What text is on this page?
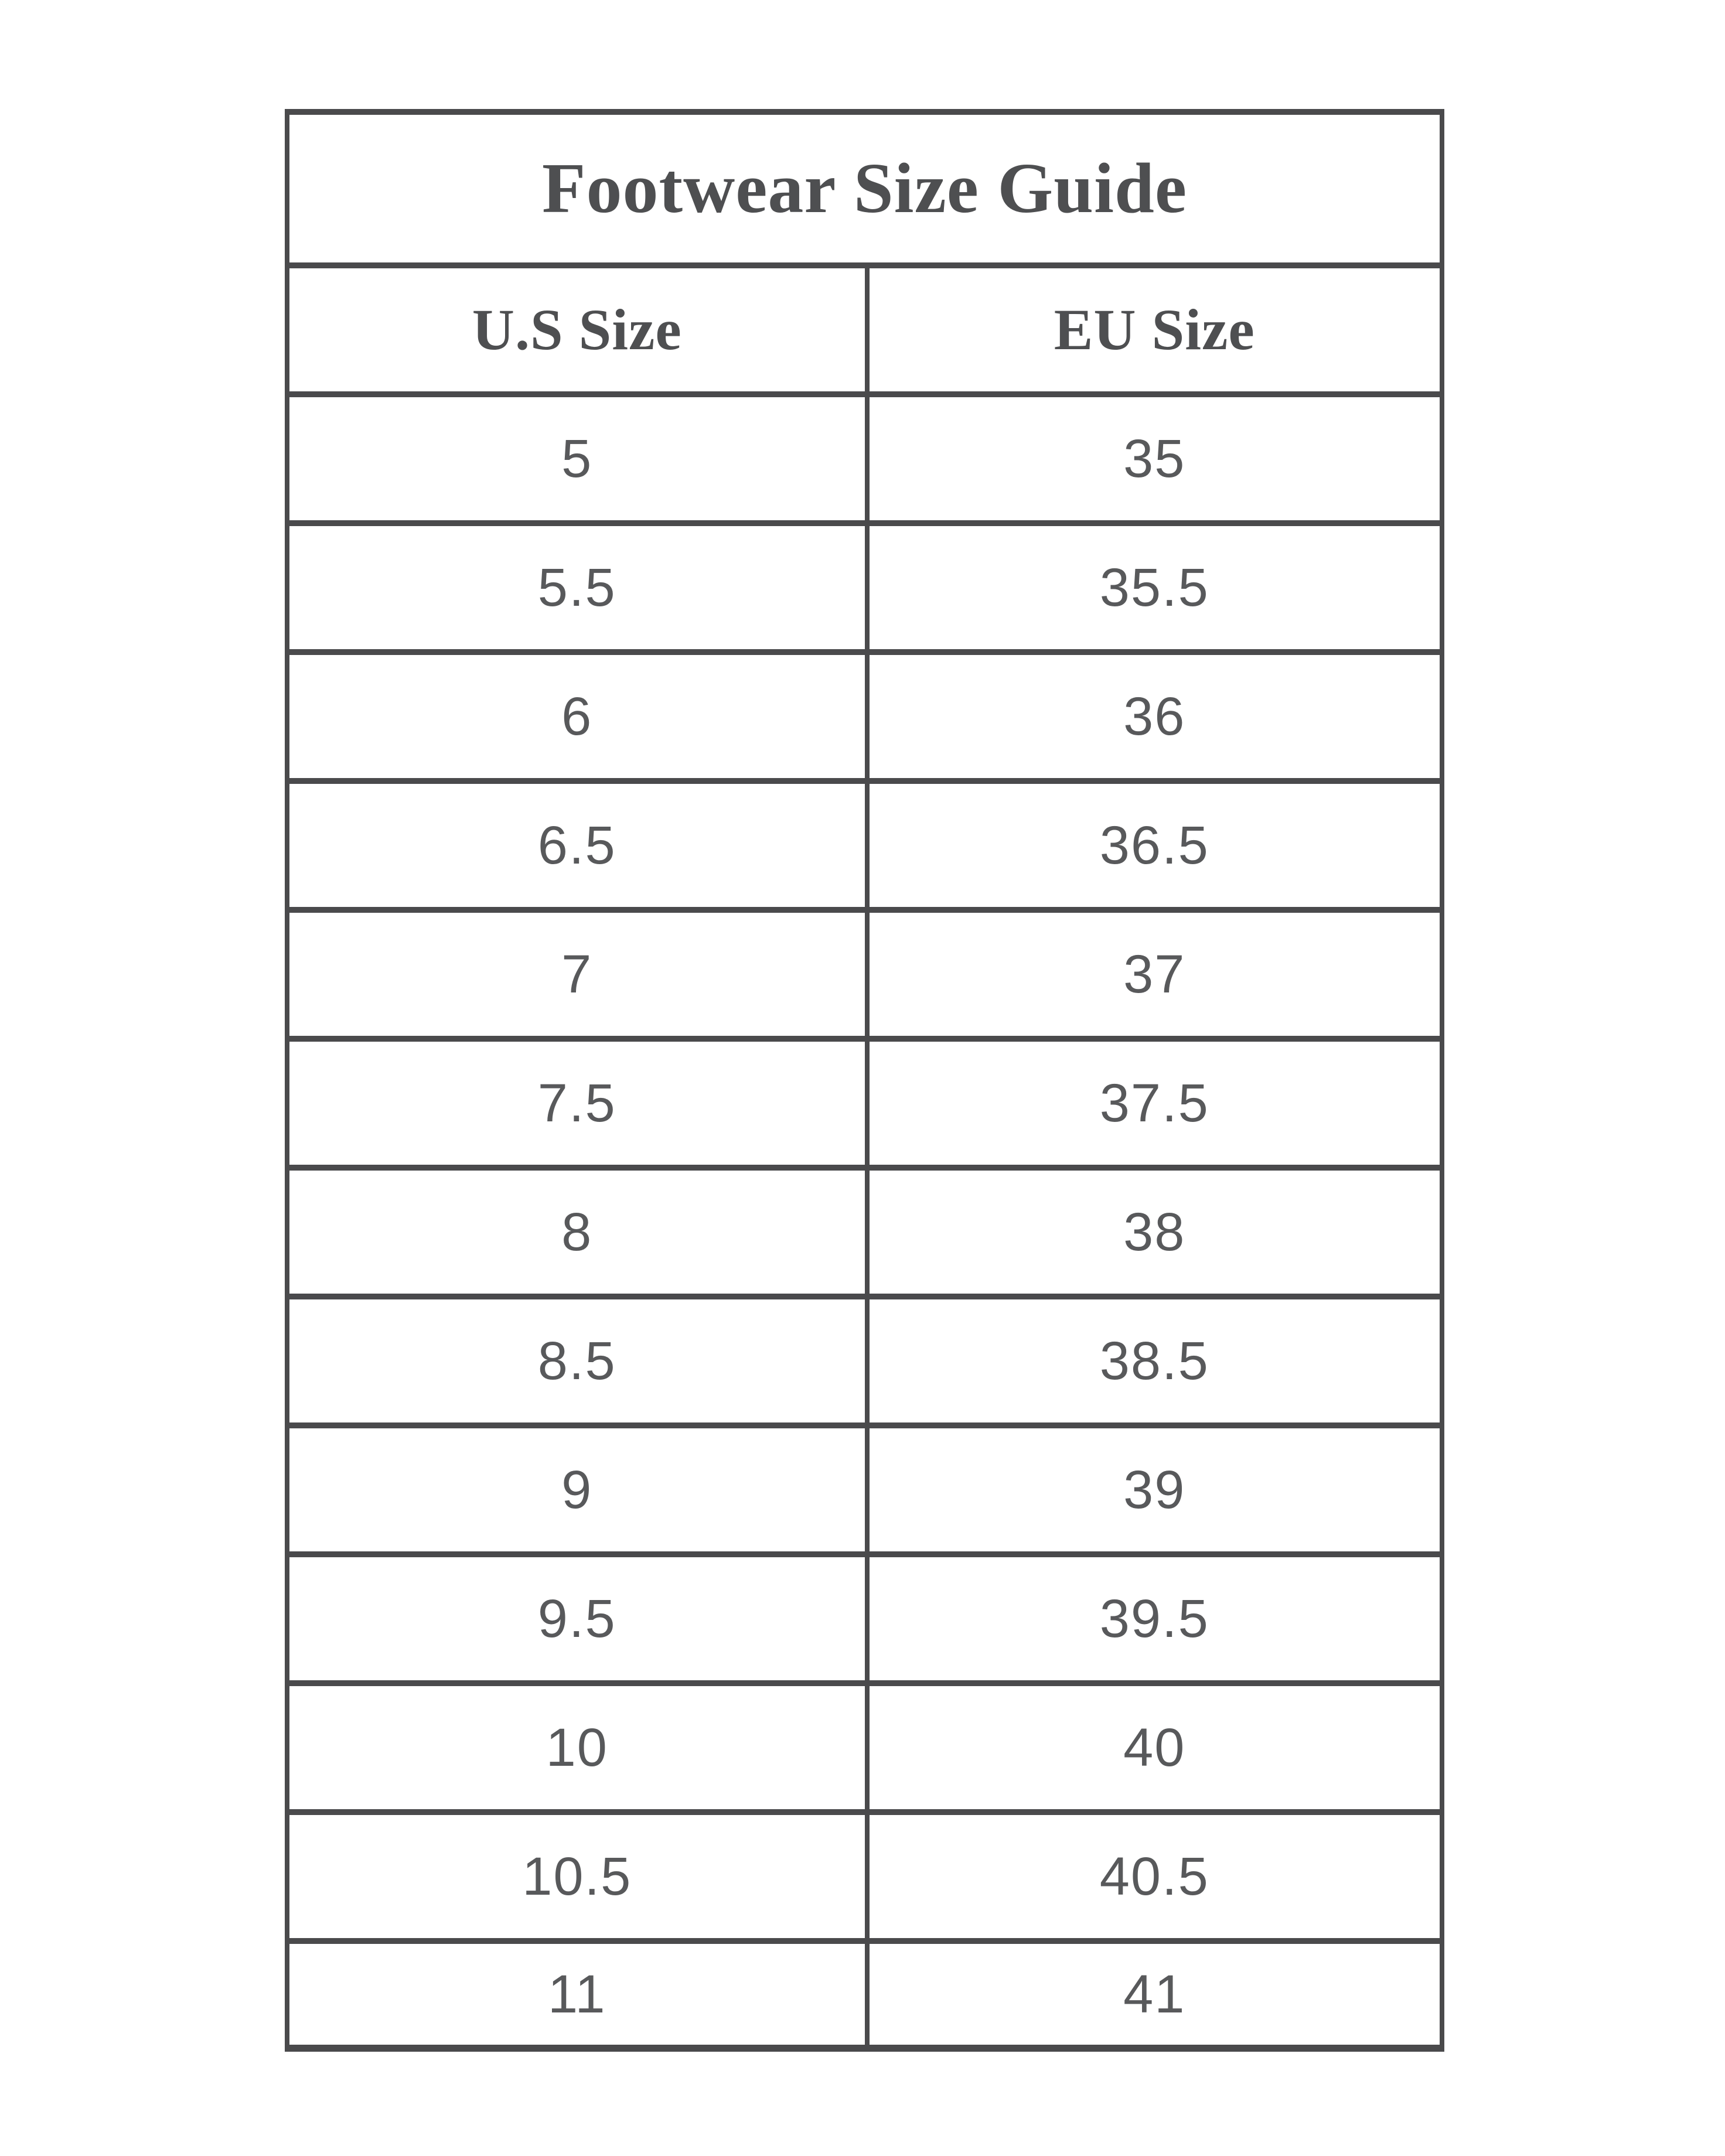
Footwear Size Guide
U.S Size	EU Size
5	35
5.5	35.5
6	36
6.5	36.5
7	37
7.5	37.5
8	38
8.5	38.5
9	39
9.5	39.5
10	40
10.5	40.5
11	41
